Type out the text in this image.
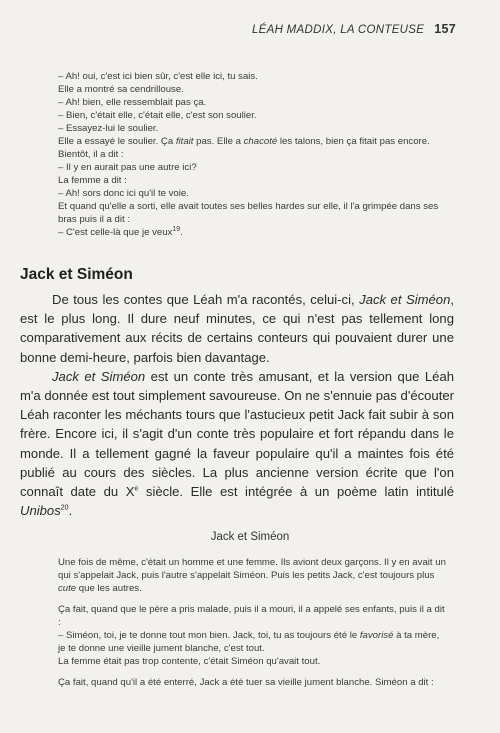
LÉAH MADDIX, LA CONTEUSE 157

– Ah! oui, c'est ici bien sûr, c'est elle ici, tu sais.

Elle a montré sa cendrillouse.

– Ah! bien, elle ressemblait pas ça.

– Bien, c'était elle, c'était elle, c'est son soulier.

– Essayez-lui le soulier.

Elle a essayé le soulier. Ça fitait pas. Elle a chacoté les talons, bien ça fitait pas encore. Bientôt, il a dit :

– Il y en aurait pas une autre ici?

La femme a dit :

– Ah! sors donc ici qu'il te voie.

Et quand qu'elle a sorti, elle avait toutes ses belles hardes sur elle, il l'a grimpée dans ses bras puis il a dit :

– C'est celle-là que je veux$^{19}$.

Jack et Siméon

De tous les contes que Léah m'a racontés, celui-ci, Jack et Siméon, est le plus long. Il dure neuf minutes, ce qui n'est pas tellement long comparativement aux récits de certains conteurs qui pouvaient durer une bonne demi-heure, parfois bien davantage.

Jack et Siméon est un conte très amusant, et la version que Léah m'a donnée est tout simplement savoureuse. On ne s'ennuie pas d'écouter Léah raconter les méchants tours que l'astucieux petit Jack fait subir à son frère. Encore ici, il s'agit d'un conte très populaire et fort répandu dans le monde. Il a tellement gagné la faveur populaire qu'il a maintes fois été publié au cours des siècles. La plus ancienne version écrite que l'on connaît date du Xe siècle. Elle est intégrée à un poème latin intitulé Unibos$^{20}$.

Jack et Siméon

Une fois de même, c'était un homme et une femme. Ils aviont deux garçons. Il y en avait un qui s'appelait Jack, puis l'autre s'appelait Siméon. Puis les petits Jack, c'est toujours plus cute que les autres.

Ça fait, quand que le père a pris malade, puis il a mouri, il a appelé ses enfants, puis il a dit :

– Siméon, toi, je te donne tout mon bien. Jack, toi, tu as toujours été le favorisé à ta mère, je te donne une vieille jument blanche, c'est tout.

La femme était pas trop contente, c'était Siméon qu'avait tout.

Ça fait, quand qu'il a été enterré, Jack a été tuer sa vieille jument blanche. Siméon a dit :
